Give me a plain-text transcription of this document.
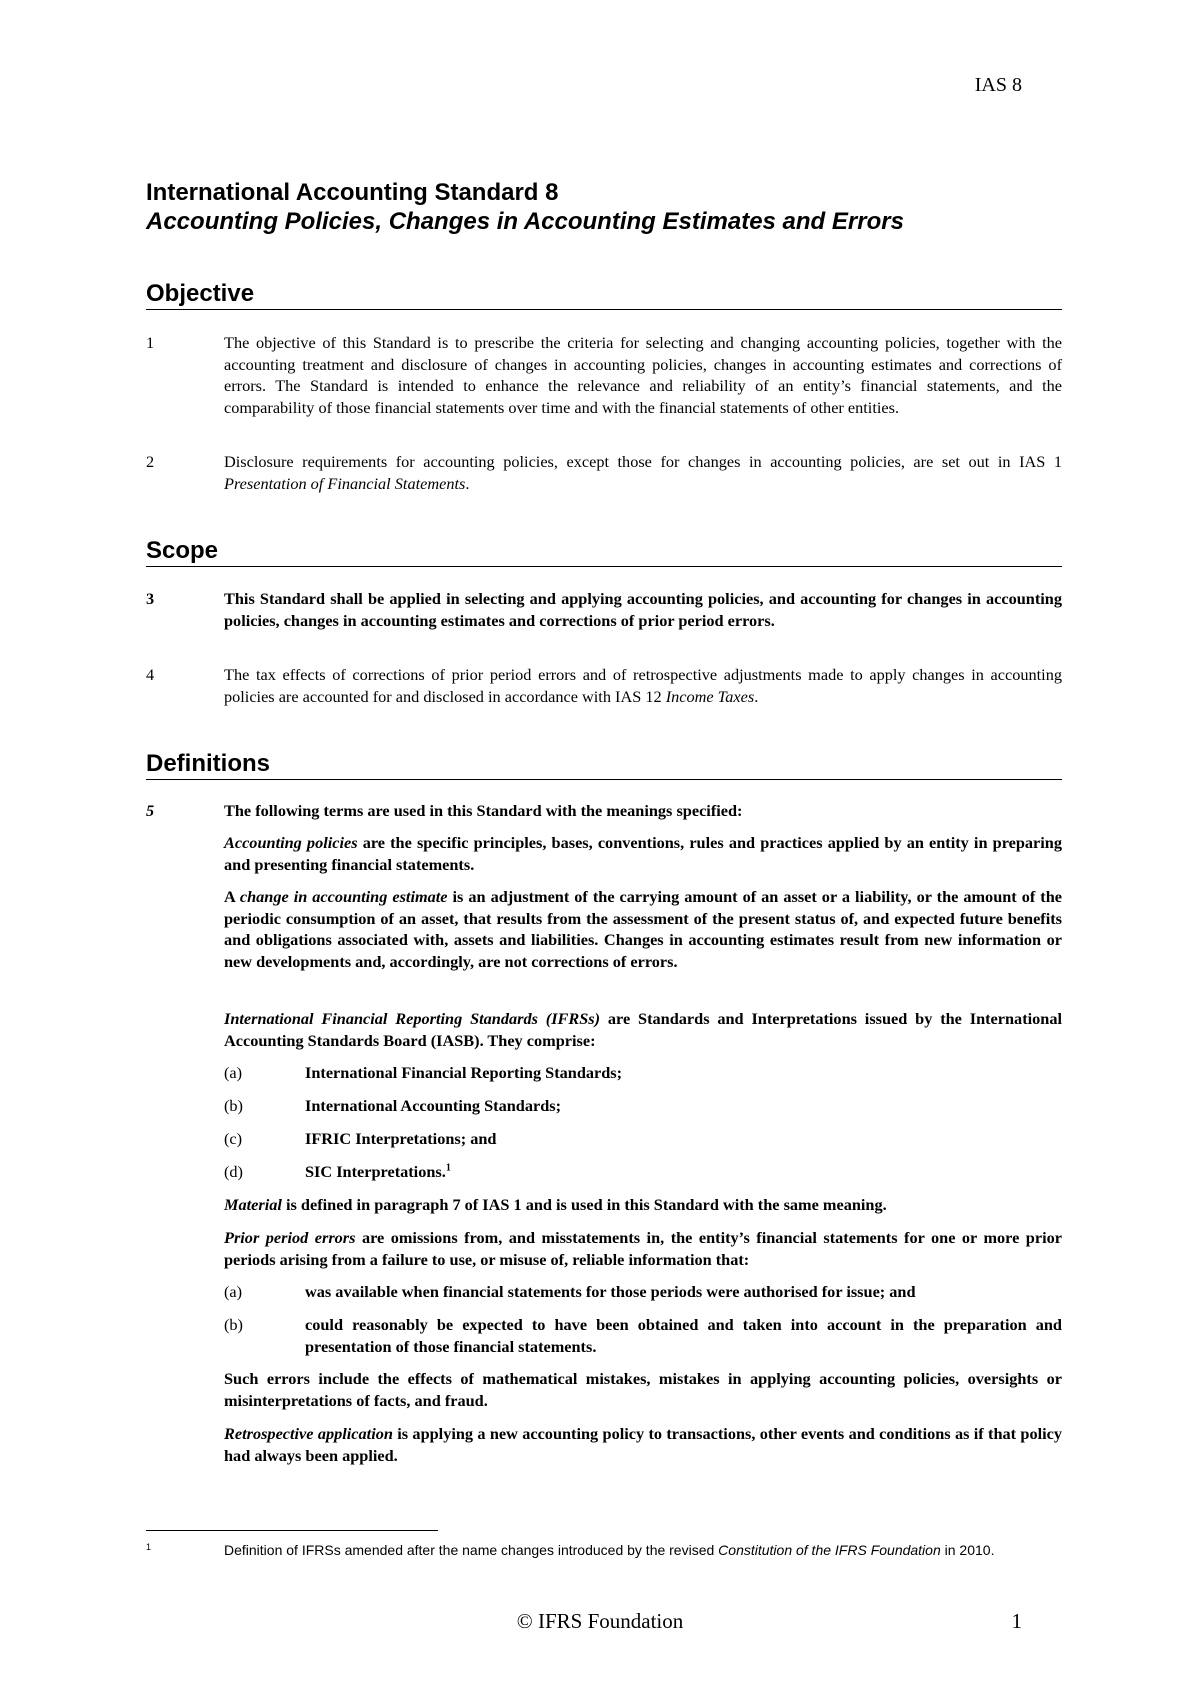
IAS 8
International Accounting Standard 8
Accounting Policies, Changes in Accounting Estimates and Errors
Objective
1	The objective of this Standard is to prescribe the criteria for selecting and changing accounting policies, together with the accounting treatment and disclosure of changes in accounting policies, changes in accounting estimates and corrections of errors. The Standard is intended to enhance the relevance and reliability of an entity’s financial statements, and the comparability of those financial statements over time and with the financial statements of other entities.
2	Disclosure requirements for accounting policies, except those for changes in accounting policies, are set out in IAS 1 Presentation of Financial Statements.
Scope
3	This Standard shall be applied in selecting and applying accounting policies, and accounting for changes in accounting policies, changes in accounting estimates and corrections of prior period errors.
4	The tax effects of corrections of prior period errors and of retrospective adjustments made to apply changes in accounting policies are accounted for and disclosed in accordance with IAS 12 Income Taxes.
Definitions
5	The following terms are used in this Standard with the meanings specified:
Accounting policies are the specific principles, bases, conventions, rules and practices applied by an entity in preparing and presenting financial statements.
A change in accounting estimate is an adjustment of the carrying amount of an asset or a liability, or the amount of the periodic consumption of an asset, that results from the assessment of the present status of, and expected future benefits and obligations associated with, assets and liabilities. Changes in accounting estimates result from new information or new developments and, accordingly, are not corrections of errors.
International Financial Reporting Standards (IFRSs) are Standards and Interpretations issued by the International Accounting Standards Board (IASB). They comprise:
(a)	International Financial Reporting Standards;
(b)	International Accounting Standards;
(c)	IFRIC Interpretations; and
(d)	SIC Interpretations.$^1$
Material is defined in paragraph 7 of IAS 1 and is used in this Standard with the same meaning.
Prior period errors are omissions from, and misstatements in, the entity’s financial statements for one or more prior periods arising from a failure to use, or misuse of, reliable information that:
(a)	was available when financial statements for those periods were authorised for issue; and
(b)	could reasonably be expected to have been obtained and taken into account in the preparation and presentation of those financial statements.
Such errors include the effects of mathematical mistakes, mistakes in applying accounting policies, oversights or misinterpretations of facts, and fraud.
Retrospective application is applying a new accounting policy to transactions, other events and conditions as if that policy had always been applied.
1	Definition of IFRSs amended after the name changes introduced by the revised Constitution of the IFRS Foundation in 2010.
© IFRS Foundation	1
